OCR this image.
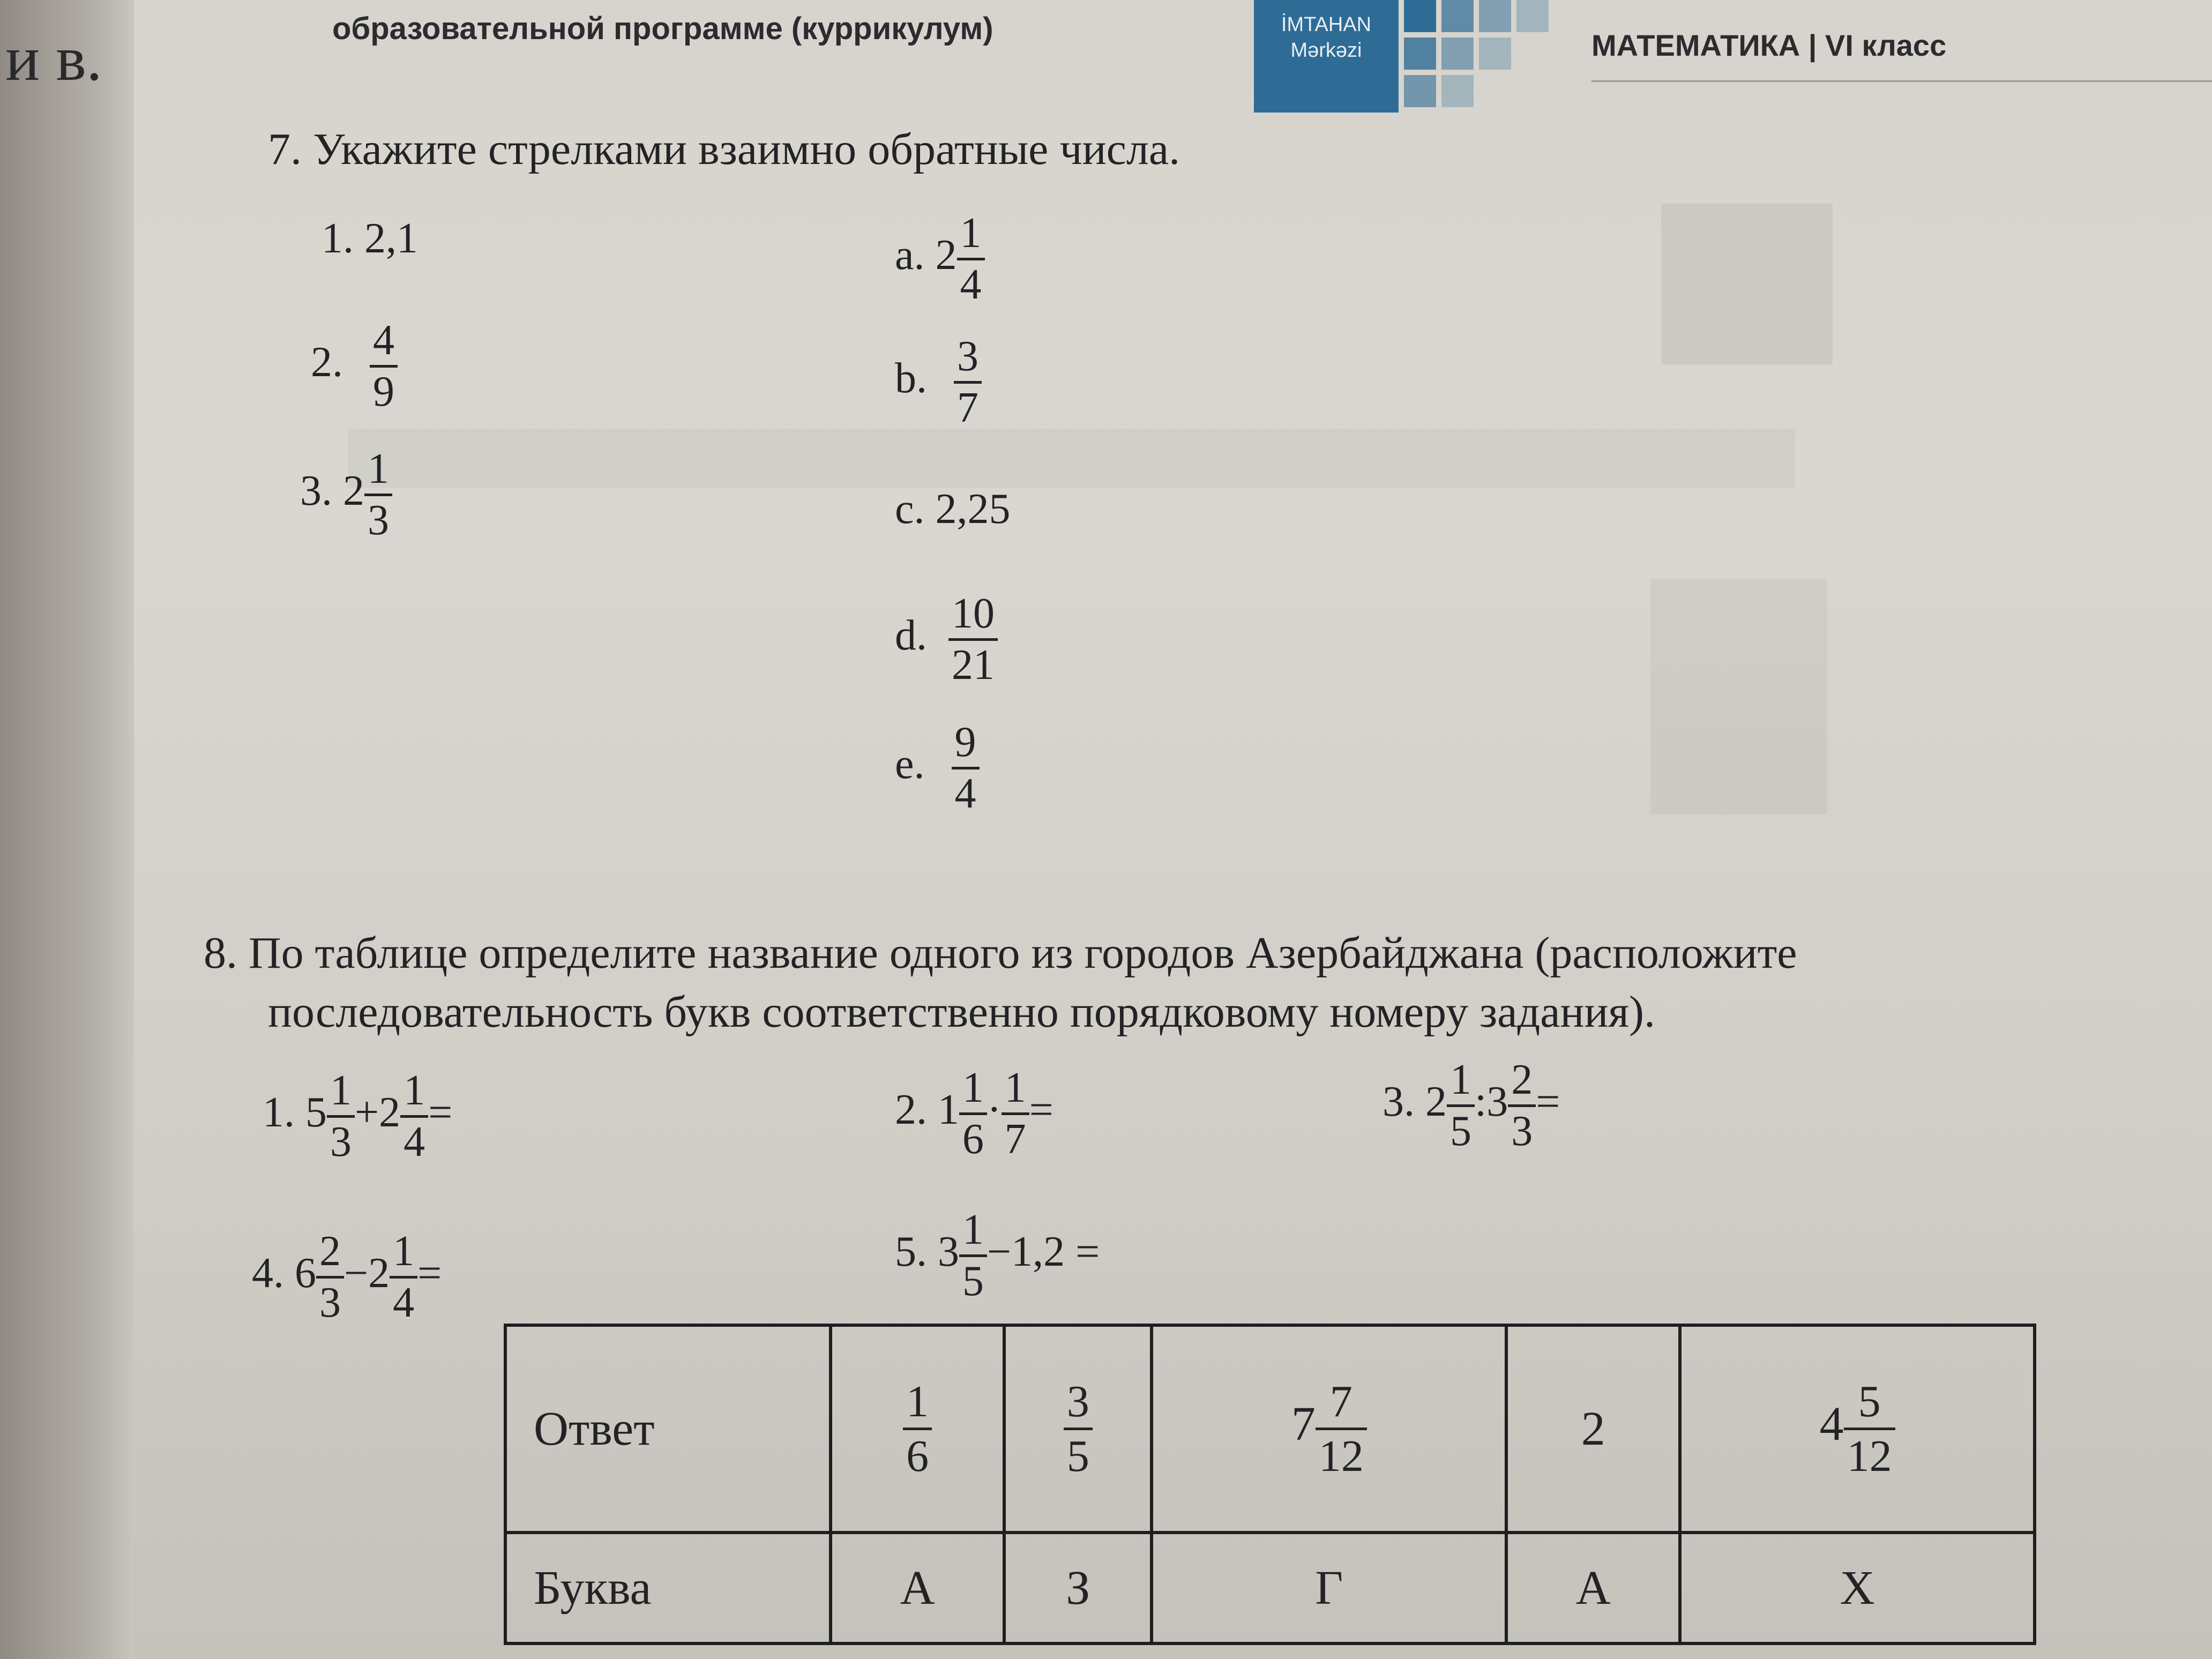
и в.	образовательной программе (куррикулум)	İMTAHAN
Mərkəzi	МАТЕМАТИКА | VI класс
7. Укажите стрелками взаимно обратные числа.
1. 2,1
2. $\frac{4}{9}$
3. $2 \frac{1}{3}$
a. $2 \frac{1}{4}$
b. $\frac{3}{7}$
c. 2,25
d. $\frac{10}{21}$
e. $\frac{9}{4}$
8. По таблице определите название одного из городов Азербайджана (расположите
последовательность букв соответственно порядковому номеру задания).
1. $5 \frac{1}{3} +2 \frac{1}{4}$ =	2. $1 \frac{1}{6} \cdot \frac{1}{7}$ =	3. $2 \frac{1}{5}$ :3 $\frac{2}{3}$ =
4. $6 \frac{2}{3} -2 \frac{1}{4}$ =	5. $3 \frac{1}{5} -1,2$ =
Ответ	$\frac{1}{6}$	$\frac{3}{5}$	$7 \frac{7}{12}$	2	$4 \frac{5}{12}$

Буква	А	З	Г	А	Х
